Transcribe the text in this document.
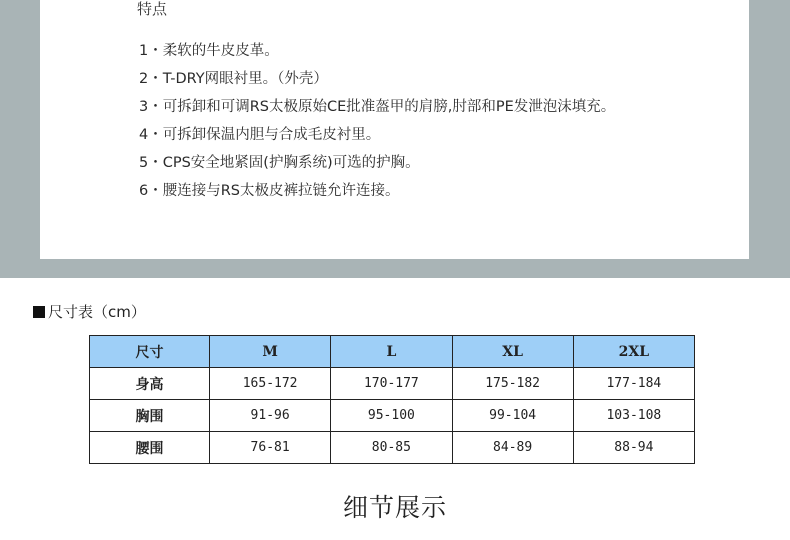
特点
1・柔软的牛皮皮革。
2・T-DRY网眼衬里。（外壳）
3・可拆卸和可调RS太极原始CE批准盔甲的肩膀,肘部和PE发泄泡沫填充。
4・可拆卸保温内胆与合成毛皮衬里。
5・CPS安全地紧固(护胸系统)可选的护胸。
6・腰连接与RS太极皮裤拉链允许连接。
尺寸表（cm）
尺寸	M	L	XL	2XL
身高	165-172	170-177	175-182	177-184
胸围	91-96	95-100	99-104	103-108
腰围	76-81	80-85	84-89	88-94
细节展示
